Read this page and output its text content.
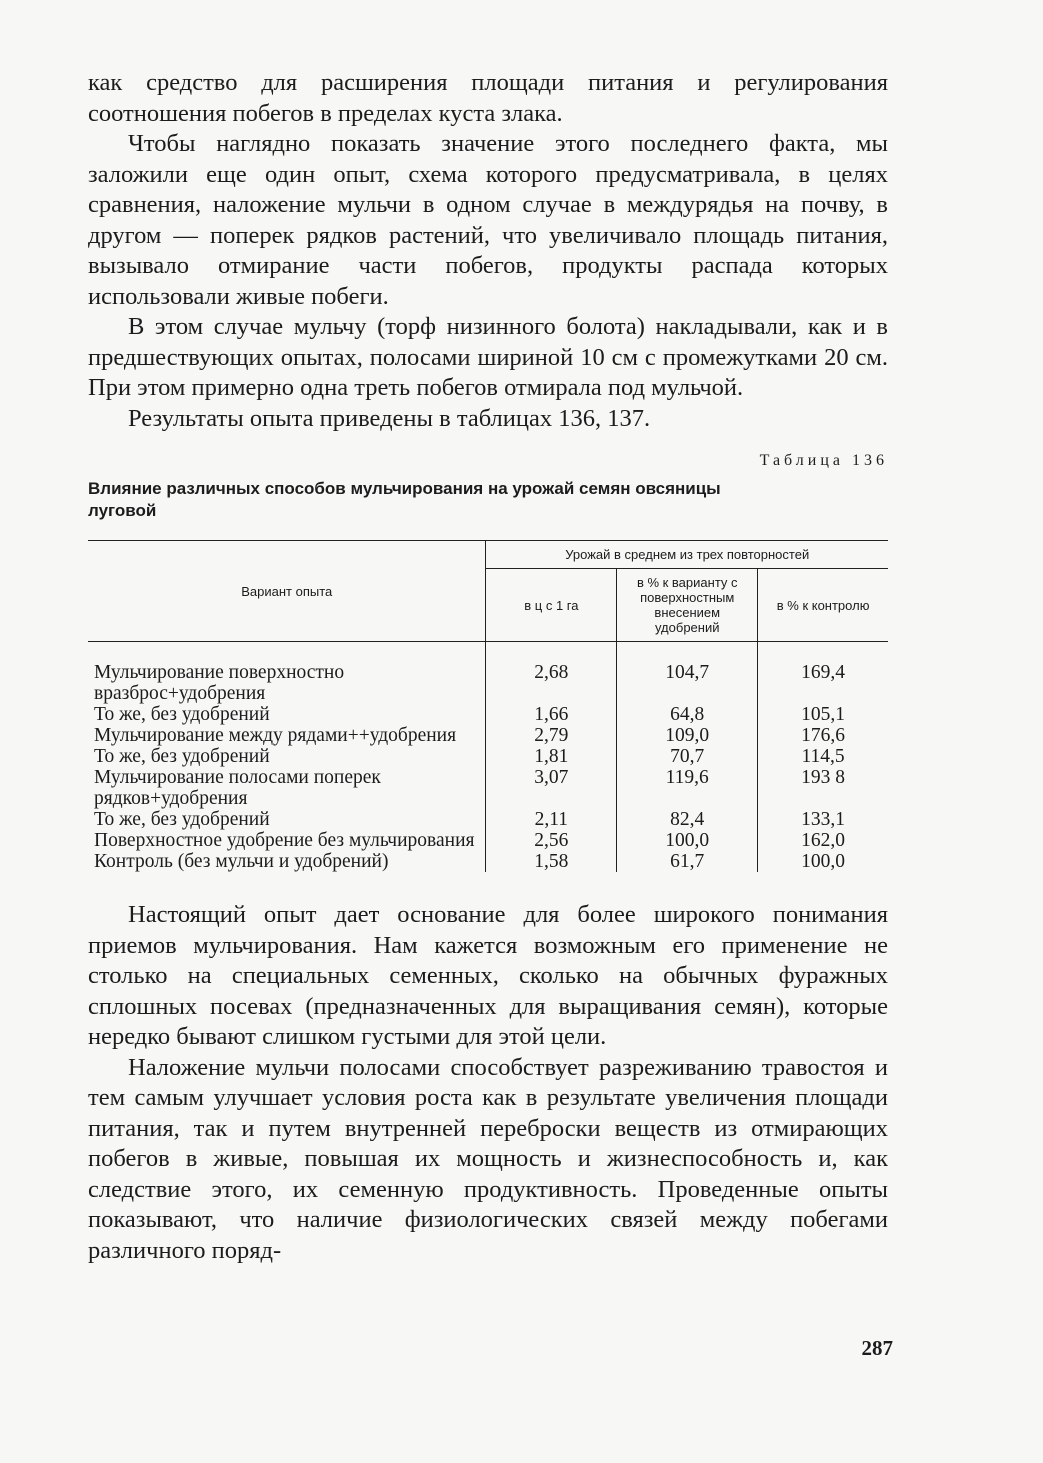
как средство для расширения площади питания и регулирования соотношения побегов в пределах куста злака.

Чтобы наглядно показать значение этого последнего факта, мы заложили еще один опыт, схема которого предусматривала, в целях сравнения, наложение мульчи в одном случае в междурядья на почву, в другом — поперек рядков растений, что увеличивало площадь питания, вызывало отмирание части побегов, продукты распада которых использовали живые побеги.

В этом случае мульчу (торф низинного болота) накладывали, как и в предшествующих опытах, полосами шириной 10 см с промежутками 20 см. При этом примерно одна треть побегов отмирала под мульчой.

Результаты опыта приведены в таблицах 136, 137.

Таблица 136
Влияние различных способов мульчирования на урожай семян овсяницы луговой
Вариант опыта	Урожай в среднем из трех повторностей		
	в ц с 1 га	в % к варианту с поверхностным внесением удобрений	в % к контролю
Мульчирование поверхностно вразброс+удобрения	2,68	104,7	169,4
То же, без удобрений	1,66	64,8	105,1
Мульчирование между рядами++удобрения	2,79	109,0	176,6
То же, без удобрений	1,81	70,7	114,5
Мульчирование полосами поперек рядков+удобрения	3,07	119,6	193 8
То же, без удобрений	2,11	82,4	133,1
Поверхностное удобрение без мульчирования	2,56	100,0	162,0
Контроль (без мульчи и удобрений)	1,58	61,7	100,0

Настоящий опыт дает основание для более широкого понимания приемов мульчирования. Нам кажется возможным его применение не столько на специальных семенных, сколько на обычных фуражных сплошных посевах (предназначенных для выращивания семян), которые нередко бывают слишком густыми для этой цели.

Наложение мульчи полосами способствует разреживанию травостоя и тем самым улучшает условия роста как в результате увеличения площади питания, так и путем внутренней переброски веществ из отмирающих побегов в живые, повышая их мощность и жизнеспособность и, как следствие этого, их семенную продуктивность. Проведенные опыты показывают, что наличие физиологических связей между побегами различного поряд-

287
